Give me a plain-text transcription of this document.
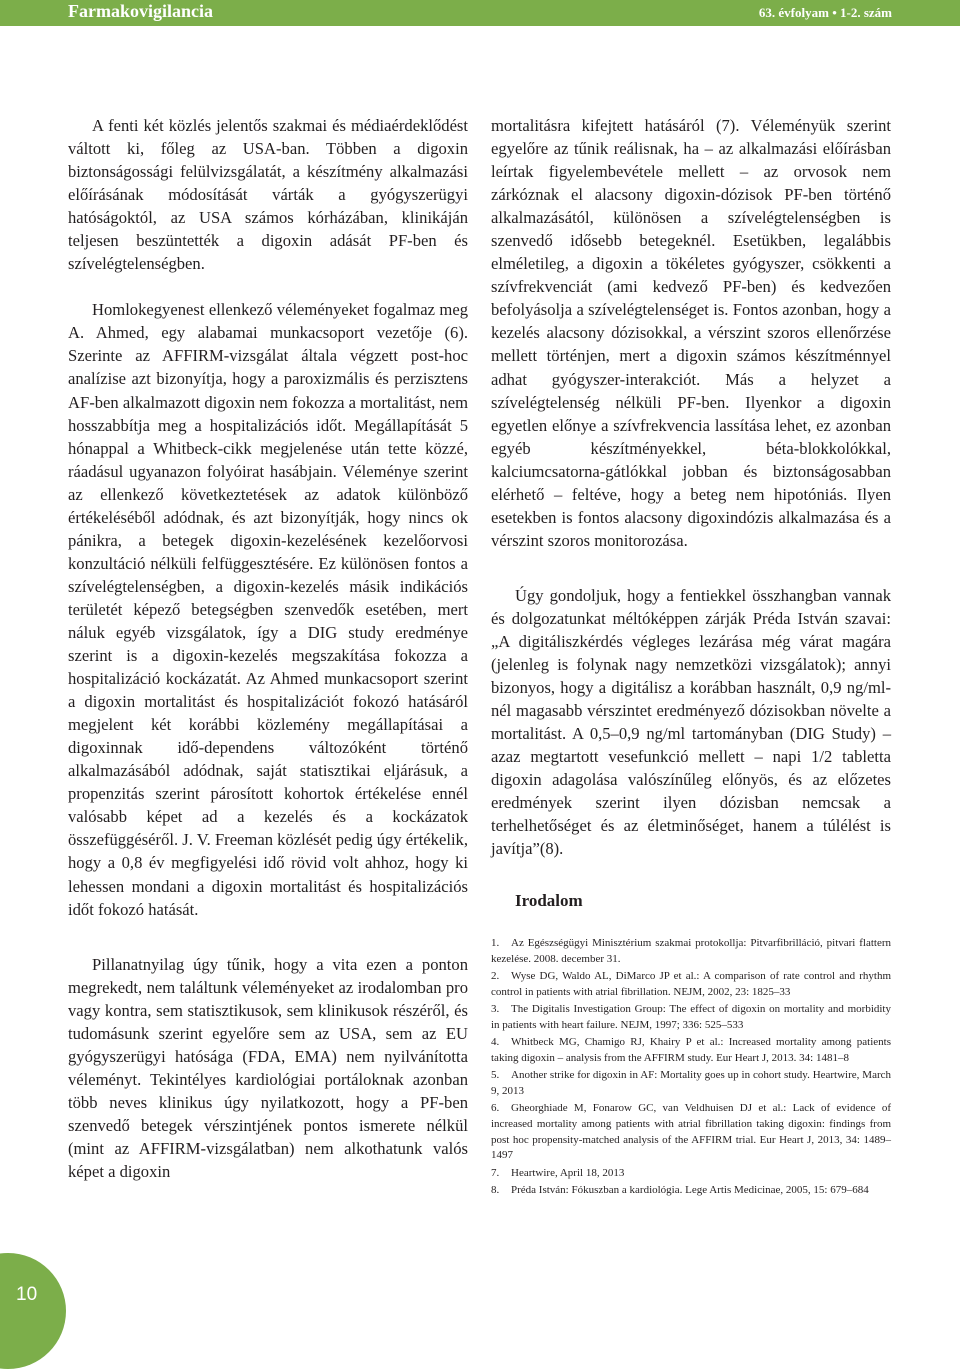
Farmakovigilancia	63. évfolyam • 1-2. szám

A fenti két közlés jelentős szakmai és médiaérdeklődést váltott ki, főleg az USA-ban. Többen a digoxin biztonságossági felülvizsgálatát, a készítmény alkalmazási előírásának módosítását várták a gyógyszerügyi hatóságoktól, az USA számos kórházában, klinikáján teljesen beszüntették a digoxin adását PF-ben és szívelégtelenségben.

Homlokegyenest ellenkező véleményeket fogalmaz meg A. Ahmed, egy alabamai munkacsoport vezetője (6). Szerinte az AFFIRM-vizsgálat általa végzett post-hoc analízise azt bizonyítja, hogy a paroxizmális és perzisztens AF-ben alkalmazott digoxin nem fokozza a mortalitást, nem hosszabbítja meg a hospitalizációs időt. Megállapítását 5 hónappal a Whitbeck-cikk megjelenése után tette közzé, ráadásul ugyanazon folyóirat hasábjain. Véleménye szerint az ellenkező következtetések az adatok különböző értékeléséből adódnak, és azt bizonyítják, hogy nincs ok pánikra, a betegek digoxin-kezelésének kezelőorvosi konzultáció nélküli felfüggesztésére. Ez különösen fontos a szívelégtelenségben, a digoxin-kezelés másik indikációs területét képező betegségben szenvedők esetében, mert náluk egyéb vizsgálatok, így a DIG study eredménye szerint is a digoxin-kezelés megszakítása fokozza a hospitalizáció kockázatát. Az Ahmed munkacsoport szerint a digoxin mortalitást és hospitalizációt fokozó hatásáról megjelent két korábbi közlemény megállapításai a digoxinnak idő-dependens változóként történő alkalmazásából adódnak, saját statisztikai eljárásuk, a propenzitás szerint párosított kohortok értékelése ennél valósabb képet ad a kezelés és a kockázatok összefüggéséről. J. V. Freeman közlését pedig úgy értékelik, hogy a 0,8 év megfigyelési idő rövid volt ahhoz, hogy ki lehessen mondani a digoxin mortalitást és hospitalizációs időt fokozó hatását.

Pillanatnyilag úgy tűnik, hogy a vita ezen a ponton megrekedt, nem találtunk véleményeket az irodalomban pro vagy kontra, sem statisztikusok, sem klinikusok részéről, és tudomásunk szerint egyelőre sem az USA, sem az EU gyógyszerügyi hatósága (FDA, EMA) nem nyilvánította véleményt. Tekintélyes kardiológiai portáloknak azonban több neves klinikus úgy nyilatkozott, hogy a PF-ben szenvedő betegek vérszintjének pontos ismerete nélkül (mint az AFFIRM-vizsgálatban) nem alkothatunk valós képet a digoxin

mortalitásra kifejtett hatásáról (7). Véleményük szerint egyelőre az tűnik reálisnak, ha – az alkalmazási előírásban leírtak figyelembevétele mellett – az orvosok nem zárkóznak el alacsony digoxin-dózisok PF-ben történő alkalmazásától, különösen a szívelégtelenségben is szenvedő idősebb betegeknél. Esetükben, legalábbis elméletileg, a digoxin a tökéletes gyógyszer, csökkenti a szívfrekvenciát (ami kedvező PF-ben) és kedvezően befolyásolja a szívelégtelenséget is. Fontos azonban, hogy a kezelés alacsony dózisokkal, a vérszint szoros ellenőrzése mellett történjen, mert a digoxin számos készítménnyel adhat gyógyszer-interakciót. Más a helyzet a szívelégtelenség nélküli PF-ben. Ilyenkor a digoxin egyetlen előnye a szívfrekvencia lassítása lehet, ez azonban egyéb készítményekkel, béta-blokkolókkal, kalciumcsatorna-gátlókkal jobban és biztonságosabban elérhető – feltéve, hogy a beteg nem hipotóniás. Ilyen esetekben is fontos alacsony digoxindózis alkalmazása és a vérszint szoros monitorozása.

Úgy gondoljuk, hogy a fentiekkel összhangban vannak és dolgozatunkat méltóképpen zárják Préda István szavai: „A digitáliszkérdés végleges lezárása még várat magára (jelenleg is folynak nagy nemzetközi vizsgálatok); annyi bizonyos, hogy a digitálisz a korábban használt, 0,9 ng/ml-nél magasabb vérszintet eredményező dózisokban növelte a mortalitást. A 0,5–0,9 ng/ml tartományban (DIG Study) – azaz megtartott vesefunkció mellett – napi 1/2 tabletta digoxin adagolása valószínűleg előnyös, és az előzetes eredmények szerint ilyen dózisban nemcsak a terhelhetőséget és az életminőséget, hanem a túlélést is javítja”(8).

Irodalom
1. Az Egészségügyi Minisztérium szakmai protokollja: Pitvarfibrilláció, pitvari flattern kezelése. 2008. december 31.
2. Wyse DG, Waldo AL, DiMarco JP et al.: A comparison of rate control and rhythm control in patients with atrial fibrillation. NEJM, 2002, 23: 1825–33
3. The Digitalis Investigation Group: The effect of digoxin on mortality and morbidity in patients with heart failure. NEJM, 1997; 336: 525–533
4. Whitbeck MG, Chamigo RJ, Khairy P et al.: Increased mortality among patients taking digoxin – analysis from the AFFIRM study. Eur Heart J, 2013. 34: 1481–8
5. Another strike for digoxin in AF: Mortality goes up in cohort study. Heartwire, March 9, 2013
6. Gheorghiade M, Fonarow GC, van Veldhuisen DJ et al.: Lack of evidence of increased mortality among patients with atrial fibrillation taking digoxin: findings from post hoc propensity-matched analysis of the AFFIRM trial. Eur Heart J, 2013, 34: 1489–1497
7. Heartwire, April 18, 2013
8. Préda István: Fókuszban a kardiológia. Lege Artis Medicinae, 2005, 15: 679–684
10
